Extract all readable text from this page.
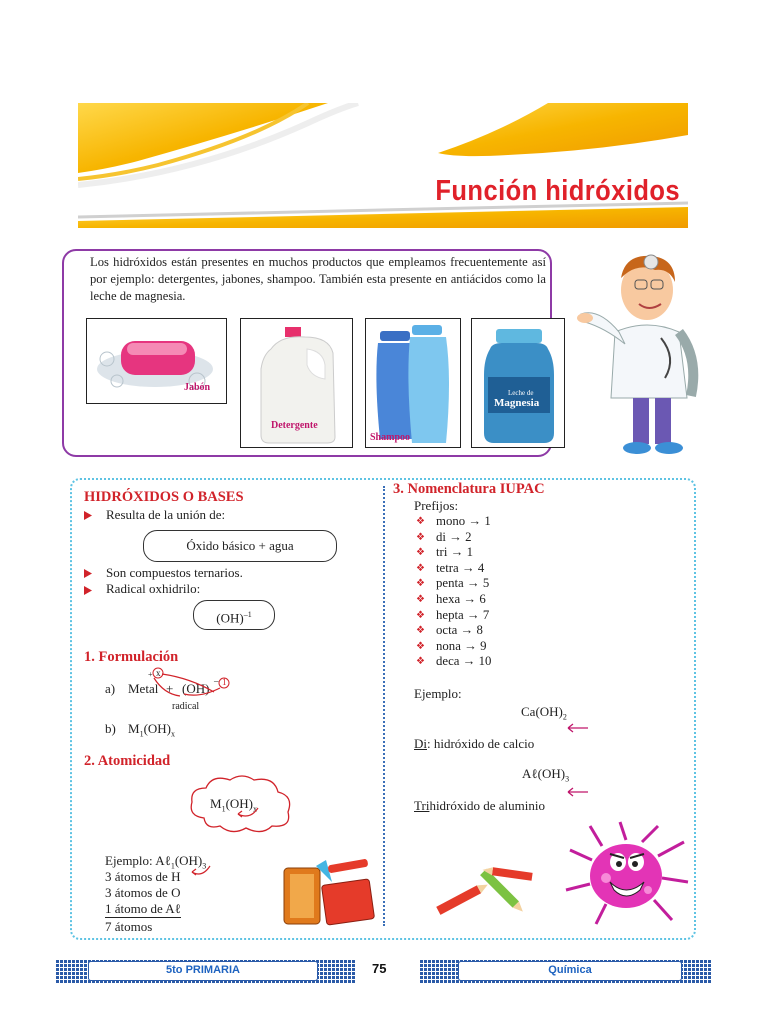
Función hidróxidos
Los hidróxidos están presentes en muchos productos que empleamos frecuentemente así por ejemplo: detergentes, jabones, shampoo. También esta presente en antiácidos como la leche de magnesia.
Jabón
Detergente
Shampoo
Leche de
Magnesia
HIDRÓXIDOS O BASES
Resulta de la unión de:
Óxido básico + agua
Son compuestos ternarios.
Radical oxhidrilo:
(OH)$^{-1}$
1. Formulación
a) Metal + (OH)
+ x
– 1
radical
b) $M_1(OH)_x$
2. Atomicidad
$M_1(OH)_x$
Ejemplo: $A\ell_1(OH)_3$
3 átomos de H
3 átomos de O
1 átomo de Aℓ
7 átomos
3. Nomenclatura IUPAC
Prefijos:
❖ mono → 1
❖ di → 2
❖ tri → 1
❖ tetra → 4
❖ penta → 5
❖ hexa → 6
❖ hepta → 7
❖ octa → 8
❖ nona → 9
❖ deca → 10
Ejemplo:
$Ca(OH)_2$
Di: hidróxido de calcio
$A\ell(OH)_3$
Trihidróxido de aluminio
5to PRIMARIA	75	Química
